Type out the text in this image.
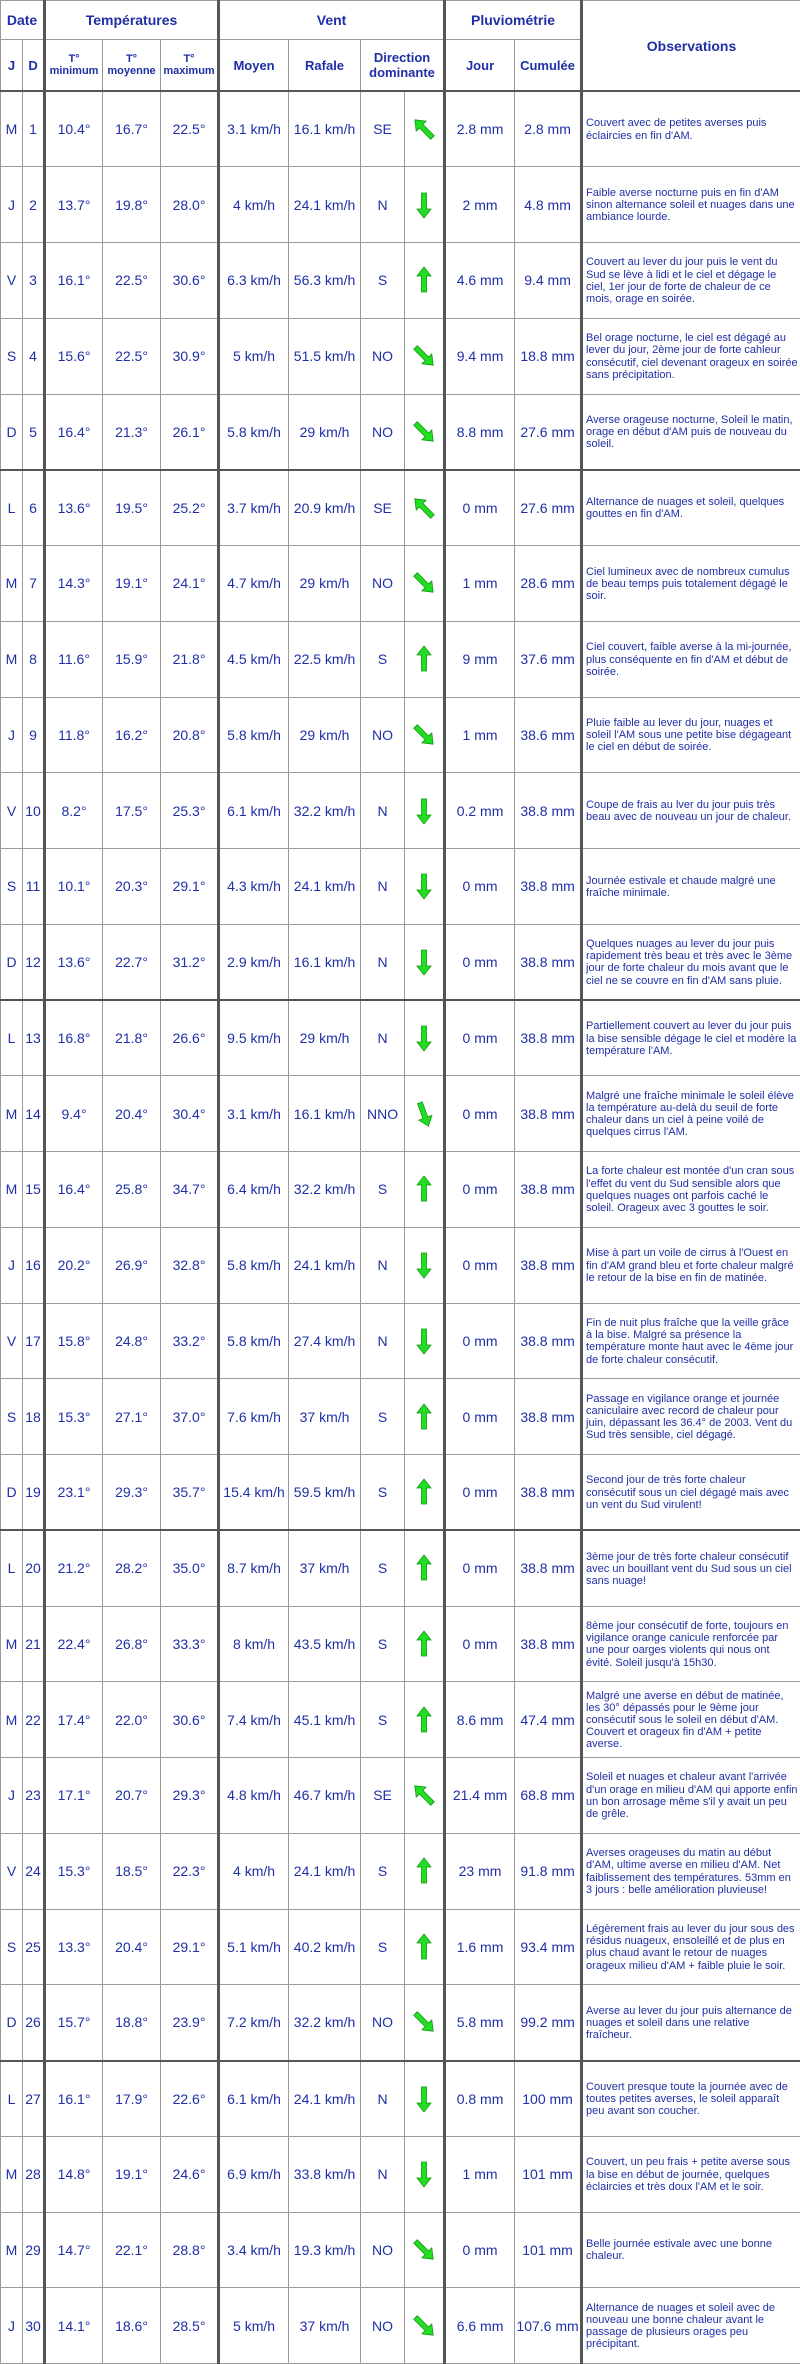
Date		Températures			Vent				Pluviométrie		Observations
J	D	T° minimum	T° moyenne	T° maximum	Moyen	Rafale	Direction dominante		Jour	Cumulée	
M	1	10.4°	16.7°	22.5°	3.1 km/h	16.1 km/h	SE		2.8 mm	2.8 mm	Couvert avec de petites averses puis éclaircies en fin d'AM.
J	2	13.7°	19.8°	28.0°	4 km/h	24.1 km/h	N		2 mm	4.8 mm	Faible averse nocturne puis en fin d'AM sinon alternance soleil et nuages dans une ambiance lourde.
V	3	16.1°	22.5°	30.6°	6.3 km/h	56.3 km/h	S		4.6 mm	9.4 mm	Couvert au lever du jour puis le vent du Sud se lève à lidi et le ciel et dégage le ciel, 1er jour de forte de chaleur de ce mois, orage en soirée.
S	4	15.6°	22.5°	30.9°	5 km/h	51.5 km/h	NO		9.4 mm	18.8 mm	Bel orage nocturne, le ciel est dégagé au lever du jour, 2ème jour de forte cahleur consécutif, ciel devenant orageux en soirée sans précipitation.
D	5	16.4°	21.3°	26.1°	5.8 km/h	29 km/h	NO		8.8 mm	27.6 mm	Averse orageuse nocturne, Soleil le matin, orage en début d'AM puis de nouveau du soleil.
L	6	13.6°	19.5°	25.2°	3.7 km/h	20.9 km/h	SE		0 mm	27.6 mm	Alternance de nuages et soleil, quelques gouttes en fin d'AM.
M	7	14.3°	19.1°	24.1°	4.7 km/h	29 km/h	NO		1 mm	28.6 mm	Ciel lumineux avec de nombreux cumulus de beau temps puis totalement dégagé le soir.
M	8	11.6°	15.9°	21.8°	4.5 km/h	22.5 km/h	S		9 mm	37.6 mm	Ciel couvert, faible averse à la mi-journée, plus conséquente en fin d'AM et début de soirée.
J	9	11.8°	16.2°	20.8°	5.8 km/h	29 km/h	NO		1 mm	38.6 mm	Pluie faible au lever du jour, nuages et soleil l'AM sous une petite bise dégageant le ciel en début de soirée.
V	10	8.2°	17.5°	25.3°	6.1 km/h	32.2 km/h	N		0.2 mm	38.8 mm	Coupe de frais au lver du jour puis très beau avec de nouveau un jour de chaleur.
S	11	10.1°	20.3°	29.1°	4.3 km/h	24.1 km/h	N		0 mm	38.8 mm	Journée estivale et chaude malgré une fraîche minimale.
D	12	13.6°	22.7°	31.2°	2.9 km/h	16.1 km/h	N		0 mm	38.8 mm	Quelques nuages au lever du jour puis rapidement très beau et très avec le 3ème jour de forte chaleur du mois avant que le ciel ne se couvre en fin d'AM sans pluie.
L	13	16.8°	21.8°	26.6°	9.5 km/h	29 km/h	N		0 mm	38.8 mm	Partiellement couvert au lever du jour puis la bise sensible dégage le ciel et modère la température l'AM.
M	14	9.4°	20.4°	30.4°	3.1 km/h	16.1 km/h	NNO		0 mm	38.8 mm	Malgré une fraîche minimale le soleil élève la température au-delà du seuil de forte chaleur dans un ciel à peine voilé de quelques cirrus l'AM.
M	15	16.4°	25.8°	34.7°	6.4 km/h	32.2 km/h	S		0 mm	38.8 mm	La forte chaleur est montée d'un cran sous l'effet du vent du Sud sensible alors que quelques nuages ont parfois caché le soleil. Orageux avec 3 gouttes le soir.
J	16	20.2°	26.9°	32.8°	5.8 km/h	24.1 km/h	N		0 mm	38.8 mm	Mise à part un voile de cirrus à l'Ouest en fin d'AM grand bleu et forte chaleur malgré le retour de la bise en fin de matinée.
V	17	15.8°	24.8°	33.2°	5.8 km/h	27.4 km/h	N		0 mm	38.8 mm	Fin de nuit plus fraîche que la veille grâce à la bise. Malgré sa présence la température monte haut avec le 4ème jour de forte chaleur consécutif.
S	18	15.3°	27.1°	37.0°	7.6 km/h	37 km/h	S		0 mm	38.8 mm	Passage en vigilance orange et journée caniculaire avec record de chaleur pour juin, dépassant les 36.4° de 2003. Vent du Sud très sensible, ciel dégagé.
D	19	23.1°	29.3°	35.7°	15.4 km/h	59.5 km/h	S		0 mm	38.8 mm	Second jour de très forte chaleur consécutif sous un ciel dégagé mais avec un vent du Sud virulent!
L	20	21.2°	28.2°	35.0°	8.7 km/h	37 km/h	S		0 mm	38.8 mm	3ème jour de très forte chaleur consécutif avec un bouillant vent du Sud sous un ciel sans nuage!
M	21	22.4°	26.8°	33.3°	8 km/h	43.5 km/h	S		0 mm	38.8 mm	8ème jour consécutif de forte, toujours en vigilance orange canicule renforcée par une pour oarges violents qui nous ont évité. Soleil jusqu'à 15h30.
M	22	17.4°	22.0°	30.6°	7.4 km/h	45.1 km/h	S		8.6 mm	47.4 mm	Malgré une averse en début de matinée, les 30° dépassés pour le 9ème jour consécutif sous le soleil en début d'AM. Couvert et orageux fin d'AM + petite averse.
J	23	17.1°	20.7°	29.3°	4.8 km/h	46.7 km/h	SE		21.4 mm	68.8 mm	Soleil et nuages et chaleur avant l'arrivée d'un orage en milieu d'AM qui apporte enfin un bon arrosage même s'il y avait un peu de grêle.
V	24	15.3°	18.5°	22.3°	4 km/h	24.1 km/h	S		23 mm	91.8 mm	Averses orageuses du matin au début d'AM, ultime averse en milieu d'AM. Net faiblissement des températures. 53mm en 3 jours : belle amélioration pluvieuse!
S	25	13.3°	20.4°	29.1°	5.1 km/h	40.2 km/h	S		1.6 mm	93.4 mm	Légèrement frais au lever du jour sous des résidus nuageux, ensoleillé et de plus en plus chaud avant le retour de nuages orageux milieu d'AM + faible pluie le soir.
D	26	15.7°	18.8°	23.9°	7.2 km/h	32.2 km/h	NO		5.8 mm	99.2 mm	Averse au lever du jour puis alternance de nuages et soleil dans une relative fraîcheur.
L	27	16.1°	17.9°	22.6°	6.1 km/h	24.1 km/h	N		0.8 mm	100 mm	Couvert presque toute la journée avec de toutes petites averses, le soleil apparaît peu avant son coucher.
M	28	14.8°	19.1°	24.6°	6.9 km/h	33.8 km/h	N		1 mm	101 mm	Couvert, un peu frais + petite averse sous la bise en début de journée, quelques éclaircies et très doux l'AM et le soir.
M	29	14.7°	22.1°	28.8°	3.4 km/h	19.3 km/h	NO		0 mm	101 mm	Belle journée estivale avec une bonne chaleur.
J	30	14.1°	18.6°	28.5°	5 km/h	37 km/h	NO		6.6 mm	107.6 mm	Alternance de nuages et soleil avec de nouveau une bonne chaleur avant le passage de plusieurs orages peu précipitant.
